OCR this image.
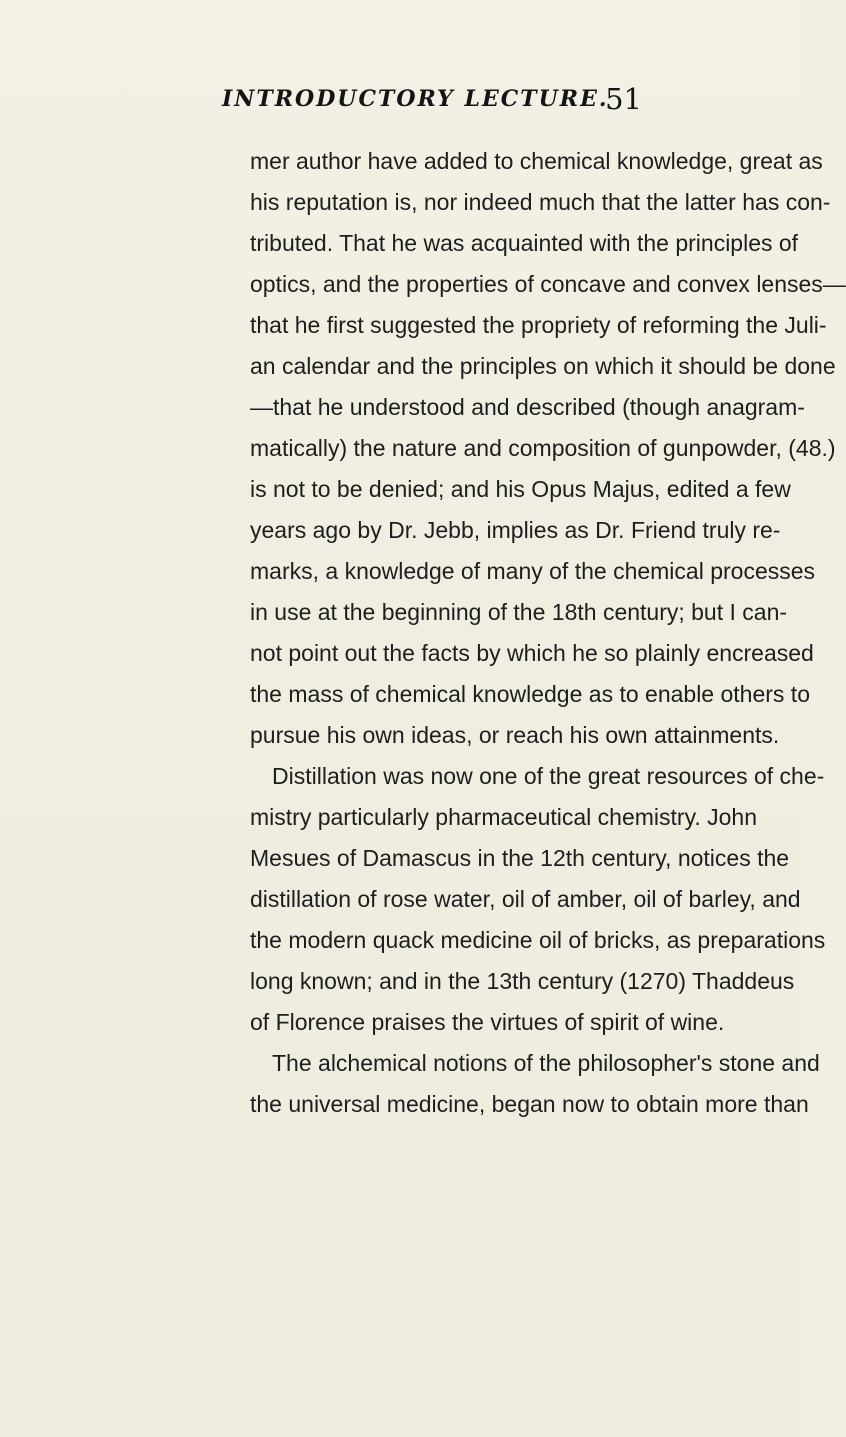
INTRODUCTORY LECTURE.
51
mer author have added to chemical knowledge, great as
his reputation is, nor indeed much that the latter has con-
tributed. That he was acquainted with the principles of
optics, and the properties of concave and convex lenses—
that he first suggested the propriety of reforming the Juli-
an calendar and the principles on which it should be done
—that he understood and described (though anagram-
matically) the nature and composition of gunpowder, (48.)
is not to be denied; and his Opus Majus, edited a few
years ago by Dr. Jebb, implies as Dr. Friend truly re-
marks, a knowledge of many of the chemical processes
in use at the beginning of the 18th century; but I can-
not point out the facts by which he so plainly encreased
the mass of chemical knowledge as to enable others to
pursue his own ideas, or reach his own attainments.
Distillation was now one of the great resources of che-
mistry particularly pharmaceutical chemistry. John
Mesues of Damascus in the 12th century, notices the
distillation of rose water, oil of amber, oil of barley, and
the modern quack medicine oil of bricks, as preparations
long known; and in the 13th century (1270) Thaddeus
of Florence praises the virtues of spirit of wine.
The alchemical notions of the philosopher's stone and
the universal medicine, began now to obtain more than
